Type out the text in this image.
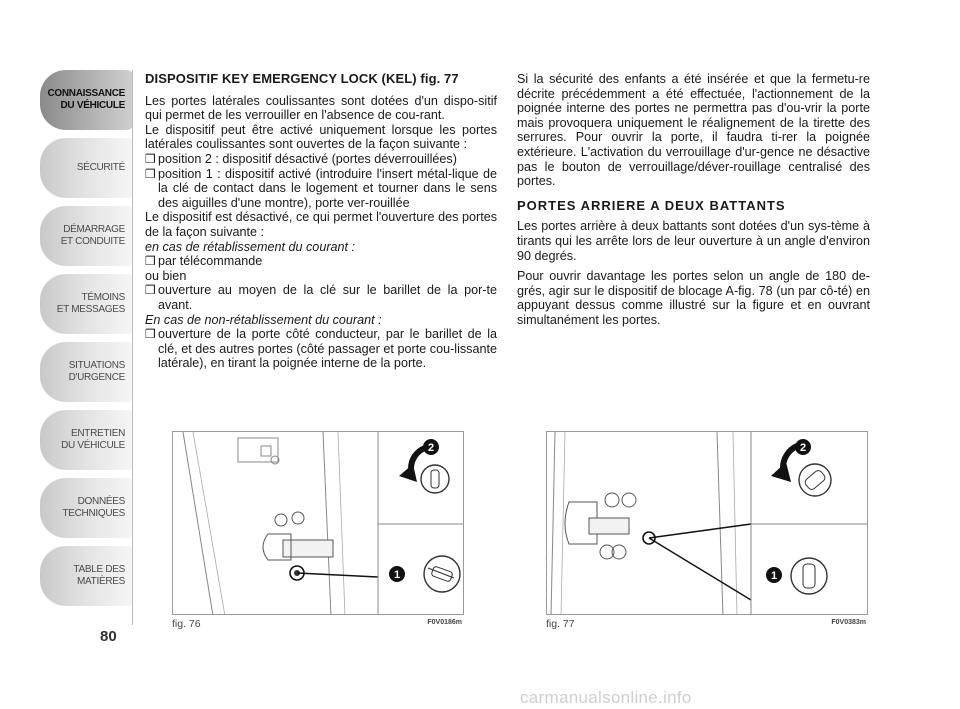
CONNAISSANCE
DU VÉHICULE
SÉCURITÉ
DÉMARRAGE
ET CONDUITE
TÉMOINS
ET MESSAGES
SITUATIONS
D'URGENCE
ENTRETIEN
DU VÉHICULE
DONNÉES
TECHNIQUES
TABLE DES
MATIÈRES
80
DISPOSITIF KEY EMERGENCY LOCK (KEL) fig. 77

Les portes latérales coulissantes sont dotées d'un dispo-sitif qui permet de les verrouiller en l'absence de cou-rant.

Le dispositif peut être activé uniquement lorsque les portes latérales coulissantes sont ouvertes de la façon suivante :

❒ position 2 : dispositif désactivé (portes déverrouillées)
❒ position 1 : dispositif activé (introduire l'insert métal-lique de la clé de contact dans le logement et tourner dans le sens des aiguilles d'une montre), porte ver-rouillée

Le dispositif est désactivé, ce qui permet l'ouverture des portes de la façon suivante :

en cas de rétablissement du courant :

❒ par télécommande

ou bien

❒ ouverture au moyen de la clé sur le barillet de la por-te avant.

En cas de non-rétablissement du courant :

❒ ouverture de la porte côté conducteur, par le barillet de la clé, et des autres portes (côté passager et porte cou-lissante latérale), en tirant la poignée interne de la porte.

Si la sécurité des enfants a été insérée et que la fermetu-re décrite précédemment a été effectuée, l'actionnement de la poignée interne des portes ne permettra pas d'ou-vrir la porte mais provoquera uniquement le réalignement de la tirette des serrures. Pour ouvrir la porte, il faudra ti-rer la poignée extérieure. L'activation du verrouillage d'ur-gence ne désactive pas le bouton de verrouillage/déver-rouillage centralisé des portes.

PORTES ARRIERE A DEUX BATTANTS

Les portes arrière à deux battants sont dotées d'un sys-tème à tirants qui les arrête lors de leur ouverture à un angle d'environ 90 degrés.

Pour ouvrir davantage les portes selon un angle de 180 de-grés, agir sur le dispositif de blocage A-fig. 78 (un par cô-té) en appuyant dessus comme illustré sur la figure et en ouvrant simultanément les portes.

2
1
fig. 76	F0V0186m
2
1
fig. 77	F0V0383m
carmanualsonline.info
